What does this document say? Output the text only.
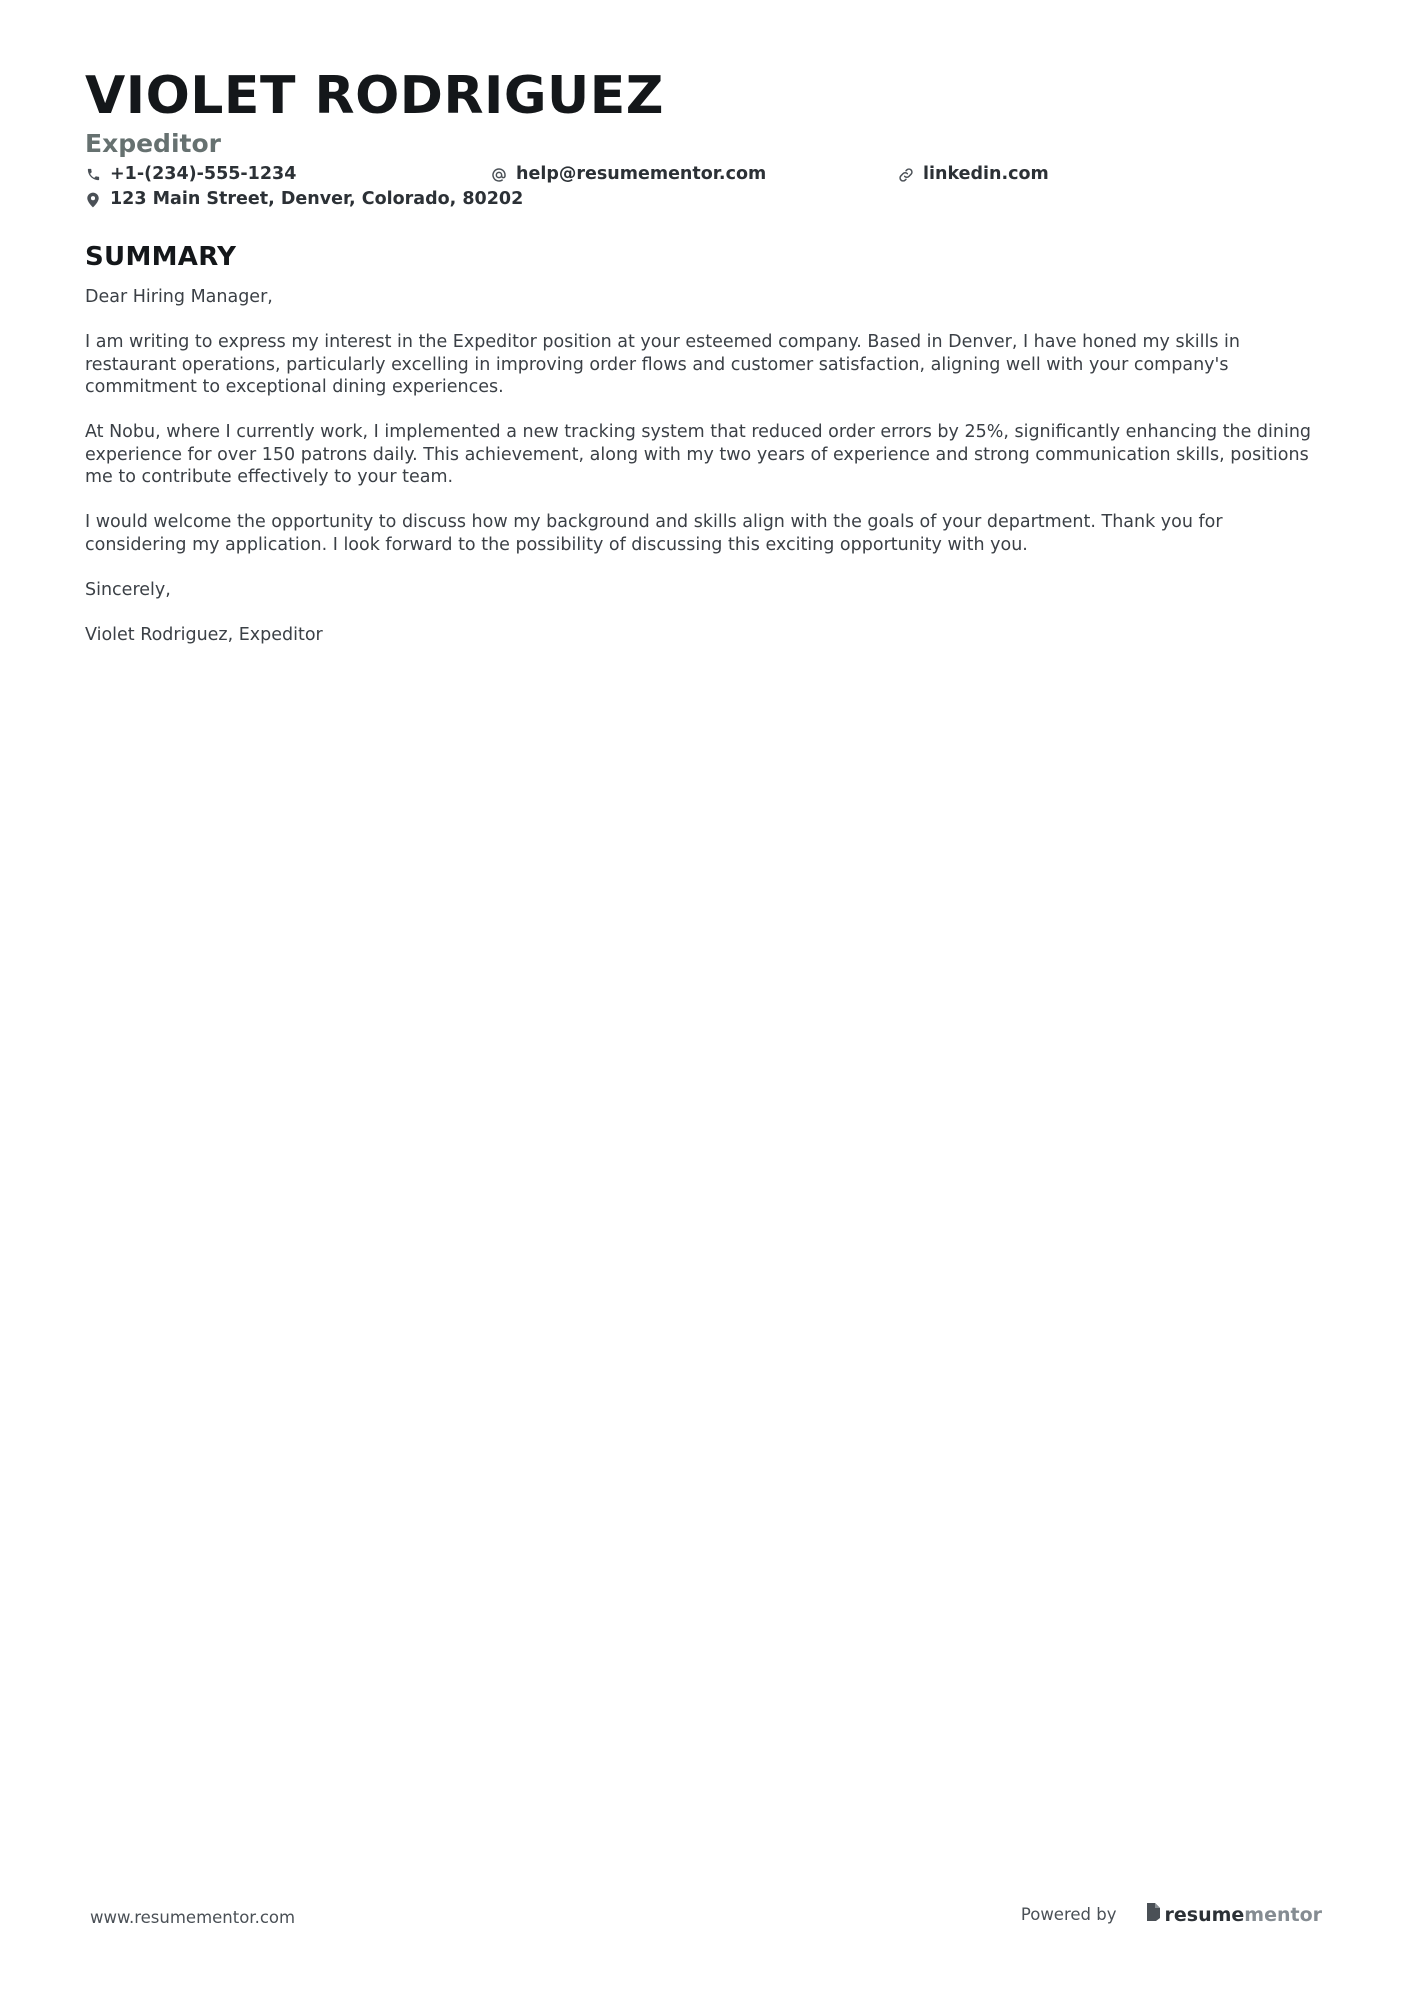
VIOLET RODRIGUEZ
Expeditor
+1-(234)-555-1234	help@resumementor.com	linkedin.com
123 Main Street, Denver, Colorado, 80202
SUMMARY

Dear Hiring Manager,

I am writing to express my interest in the Expeditor position at your esteemed company. Based in Denver, I have honed my skills in restaurant operations, particularly excelling in improving order flows and customer satisfaction, aligning well with your company's commitment to exceptional dining experiences.

At Nobu, where I currently work, I implemented a new tracking system that reduced order errors by 25%, significantly enhancing the dining experience for over 150 patrons daily. This achievement, along with my two years of experience and strong communication skills, positions me to contribute effectively to your team.

I would welcome the opportunity to discuss how my background and skills align with the goals of your department. Thank you for considering my application. I look forward to the possibility of discussing this exciting opportunity with you.

Sincerely,

Violet Rodriguez, Expeditor

www.resumementor.com	Powered by	resume mentor
